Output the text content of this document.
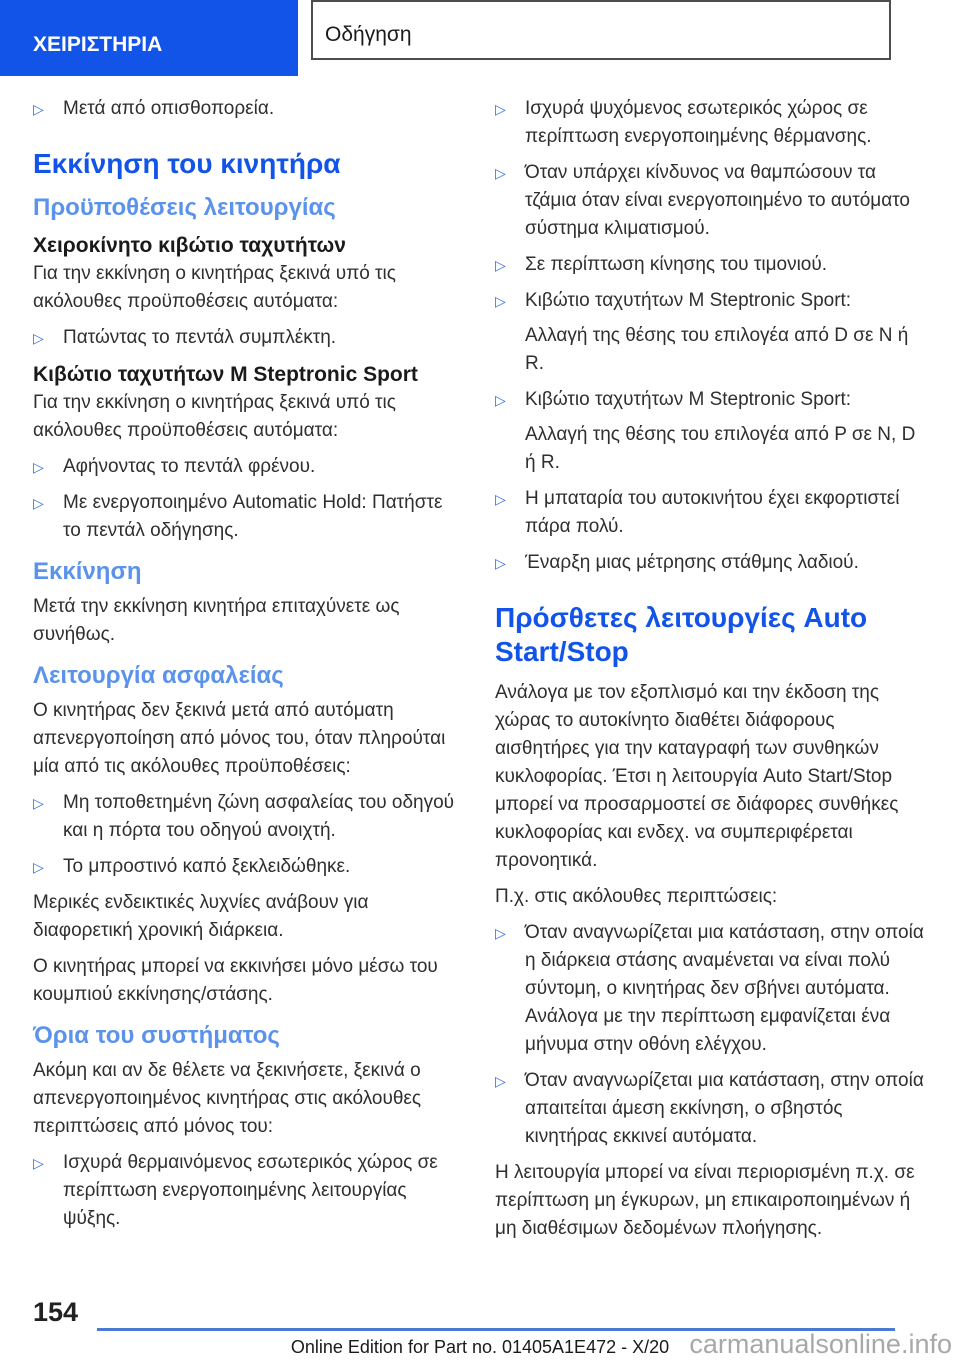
ΧΕΙΡΙΣΤΗΡΙΑ	Οδήγηση
▷	Μετά από οπισθοπορεία.
Εκκίνηση του κινητήρα
Προϋποθέσεις λειτουργίας
Χειροκίνητο κιβώτιο ταχυτήτων
Για την εκκίνηση ο κινητήρας ξεκινά υπό τις ακόλουθες προϋποθέσεις αυτόματα:
▷	Πατώντας το πεντάλ συμπλέκτη.
Κιβώτιο ταχυτήτων M Steptronic Sport
Για την εκκίνηση ο κινητήρας ξεκινά υπό τις ακόλουθες προϋποθέσεις αυτόματα:
▷	Αφήνοντας το πεντάλ φρένου.
▷	Με ενεργοποιημένο Automatic Hold: Πατήστε το πεντάλ οδήγησης.
Εκκίνηση
Μετά την εκκίνηση κινητήρα επιταχύνετε ως συνήθως.
Λειτουργία ασφαλείας
Ο κινητήρας δεν ξεκινά μετά από αυτόματη απενεργοποίηση από μόνος του, όταν πληρούται μία από τις ακόλουθες προϋποθέσεις:
▷	Μη τοποθετημένη ζώνη ασφαλείας του οδηγού και η πόρτα του οδηγού ανοιχτή.
▷	Το μπροστινό καπό ξεκλειδώθηκε.
Μερικές ενδεικτικές λυχνίες ανάβουν για διαφορετική χρονική διάρκεια.
Ο κινητήρας μπορεί να εκκινήσει μόνο μέσω του κουμπιού εκκίνησης/στάσης.
Όρια του συστήματος
Ακόμη και αν δε θέλετε να ξεκινήσετε, ξεκινά ο απενεργοποιημένος κινητήρας στις ακόλουθες περιπτώσεις από μόνος του:
▷	Ισχυρά θερμαινόμενος εσωτερικός χώρος σε περίπτωση ενεργοποιημένης λειτουργίας ψύξης.
▷	Ισχυρά ψυχόμενος εσωτερικός χώρος σε περίπτωση ενεργοποιημένης θέρμανσης.
▷	Όταν υπάρχει κίνδυνος να θαμπώσουν τα τζάμια όταν είναι ενεργοποιημένο το αυτόματο σύστημα κλιματισμού.
▷	Σε περίπτωση κίνησης του τιμονιού.
▷	Κιβώτιο ταχυτήτων M Steptronic Sport:
Αλλαγή της θέσης του επιλογέα από D σε N ή R.
▷	Κιβώτιο ταχυτήτων M Steptronic Sport:
Αλλαγή της θέσης του επιλογέα από P σε N, D ή R.
▷	Η μπαταρία του αυτοκινήτου έχει εκφορτιστεί πάρα πολύ.
▷	Έναρξη μιας μέτρησης στάθμης λαδιού.
Πρόσθετες λειτουργίες Auto Start/Stop
Ανάλογα με τον εξοπλισμό και την έκδοση της χώρας το αυτοκίνητο διαθέτει διάφορους αισθητήρες για την καταγραφή των συνθηκών κυκλοφορίας. Έτσι η λειτουργία Auto Start/Stop μπορεί να προσαρμοστεί σε διάφορες συνθήκες κυκλοφορίας και ενδεχ. να συμπεριφέρεται προνοητικά.
Π.χ. στις ακόλουθες περιπτώσεις:
▷	Όταν αναγνωρίζεται μια κατάσταση, στην οποία η διάρκεια στάσης αναμένεται να είναι πολύ σύντομη, ο κινητήρας δεν σβήνει αυτόματα. Ανάλογα με την περίπτωση εμφανίζεται ένα μήνυμα στην οθόνη ελέγχου.
▷	Όταν αναγνωρίζεται μια κατάσταση, στην οποία απαιτείται άμεση εκκίνηση, ο σβηστός κινητήρας εκκινεί αυτόματα.
Η λειτουργία μπορεί να είναι περιορισμένη π.χ. σε περίπτωση μη έγκυρων, μη επικαιροποιημένων ή μη διαθέσιμων δεδομένων πλοήγησης.
154
Online Edition for Part no. 01405A1E472 - X/20 carmanualsonline.info
